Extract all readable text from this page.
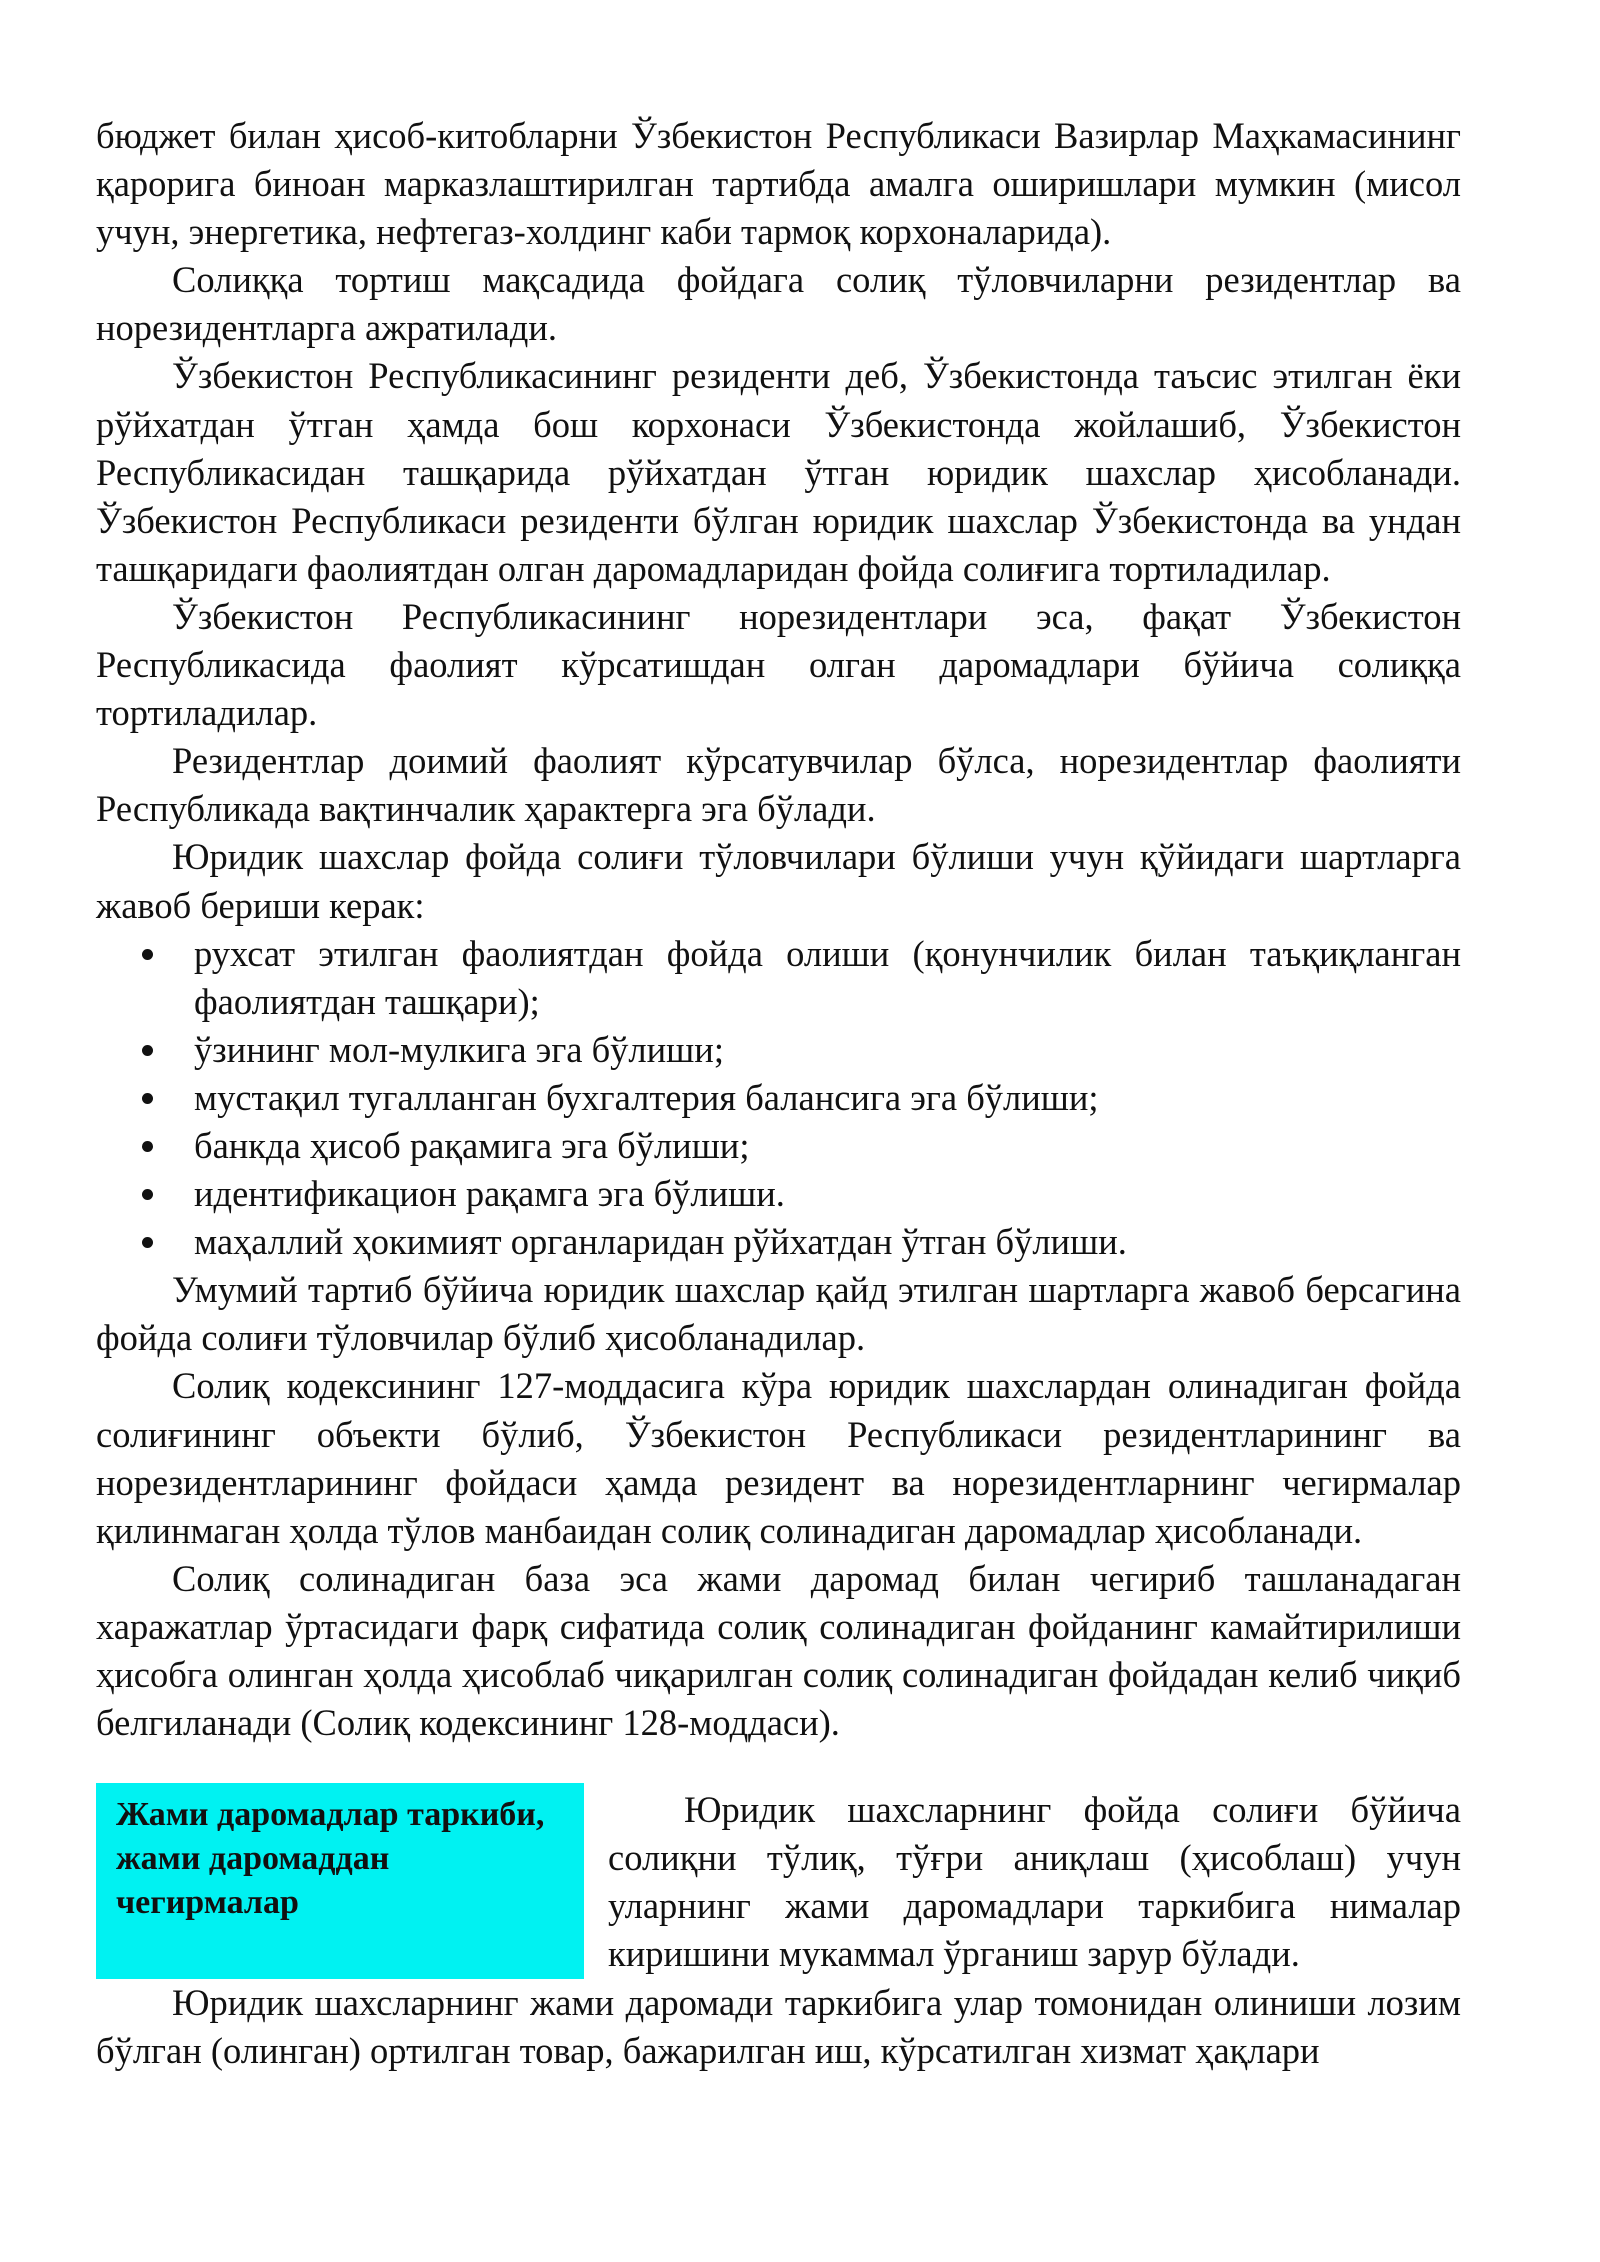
бюджет билан ҳисоб-китобларни Ўзбекистон Республикаси Вазирлар Маҳкамасининг қарорига биноан марказлаштирилган тартибда амалга оширишлари мумкин (мисол учун, энергетика, нефтегаз-холдинг каби тармоқ корхоналарида).

Солиққа тортиш мақсадида фойдага солиқ тўловчиларни резидентлар ва норезидентларга ажратилади.

Ўзбекистон Республикасининг резиденти деб, Ўзбекистонда таъсис этилган ёки рўйхатдан ўтган ҳамда бош корхонаси Ўзбекистонда жойлашиб, Ўзбекистон Республикасидан ташқарида рўйхатдан ўтган юридик шахслар ҳисобланади. Ўзбекистон Республикаси резиденти бўлган юридик шахслар Ўзбекистонда ва ундан ташқаридаги фаолиятдан олган даромадларидан фойда солиғига тортиладилар.

Ўзбекистон Республикасининг норезидентлари эса, фақат Ўзбекистон Республикасида фаолият кўрсатишдан олган даромадлари бўйича солиққа тортиладилар.

Резидентлар доимий фаолият кўрсатувчилар бўлса, норезидентлар фаолияти Республикада вақтинчалик ҳарактерга эга бўлади.

Юридик шахслар фойда солиғи тўловчилари бўлиши учун қўйидаги шартларга жавоб бериши керак:

рухсат этилган фаолиятдан фойда олиши (қонунчилик билан таъқиқланган фаолиятдан ташқари);
ўзининг мол-мулкига эга бўлиши;
мустақил тугалланган бухгалтерия балансига эга бўлиши;
банкда ҳисоб рақамига эга бўлиши;
идентификацион рақамга эга бўлиши.
маҳаллий ҳокимият органларидан рўйхатдан ўтган бўлиши.

Умумий тартиб бўйича юридик шахслар қайд этилган шартларга жавоб берсагина фойда солиғи тўловчилар бўлиб ҳисобланадилар.

Солиқ кодексининг 127-моддасига кўра юридик шахслардан олинадиган фойда солиғининг объекти бўлиб, Ўзбекистон Республикаси резидентларининг ва норезидентларининг фойдаси ҳамда резидент ва норезидентларнинг чегирмалар қилинмаган ҳолда тўлов манбаидан солиқ солинадиган даромадлар ҳисобланади.

Солиқ солинадиган база эса жами даромад билан чегириб ташланадаган харажатлар ўртасидаги фарқ сифатида солиқ солинадиган фойданинг камайтирилиши ҳисобга олинган ҳолда ҳисоблаб чиқарилган солиқ солинадиган фойдадан келиб чиқиб белгиланади (Солиқ кодексининг 128-моддаси).

Жами даромадлар таркиби, жами даромаддан чегирмалар

Юридик шахсларнинг фойда солиғи бўйича солиқни тўлиқ, тўғри аниқлаш (ҳисоблаш) учун уларнинг жами даромадлари таркибига нималар киришини мукаммал ўрганиш зарур бўлади.

Юридик шахсларнинг жами даромади таркибига улар томонидан олиниши лозим бўлган (олинган) ортилган товар, бажарилган иш, кўрсатилган хизмат ҳақлари
